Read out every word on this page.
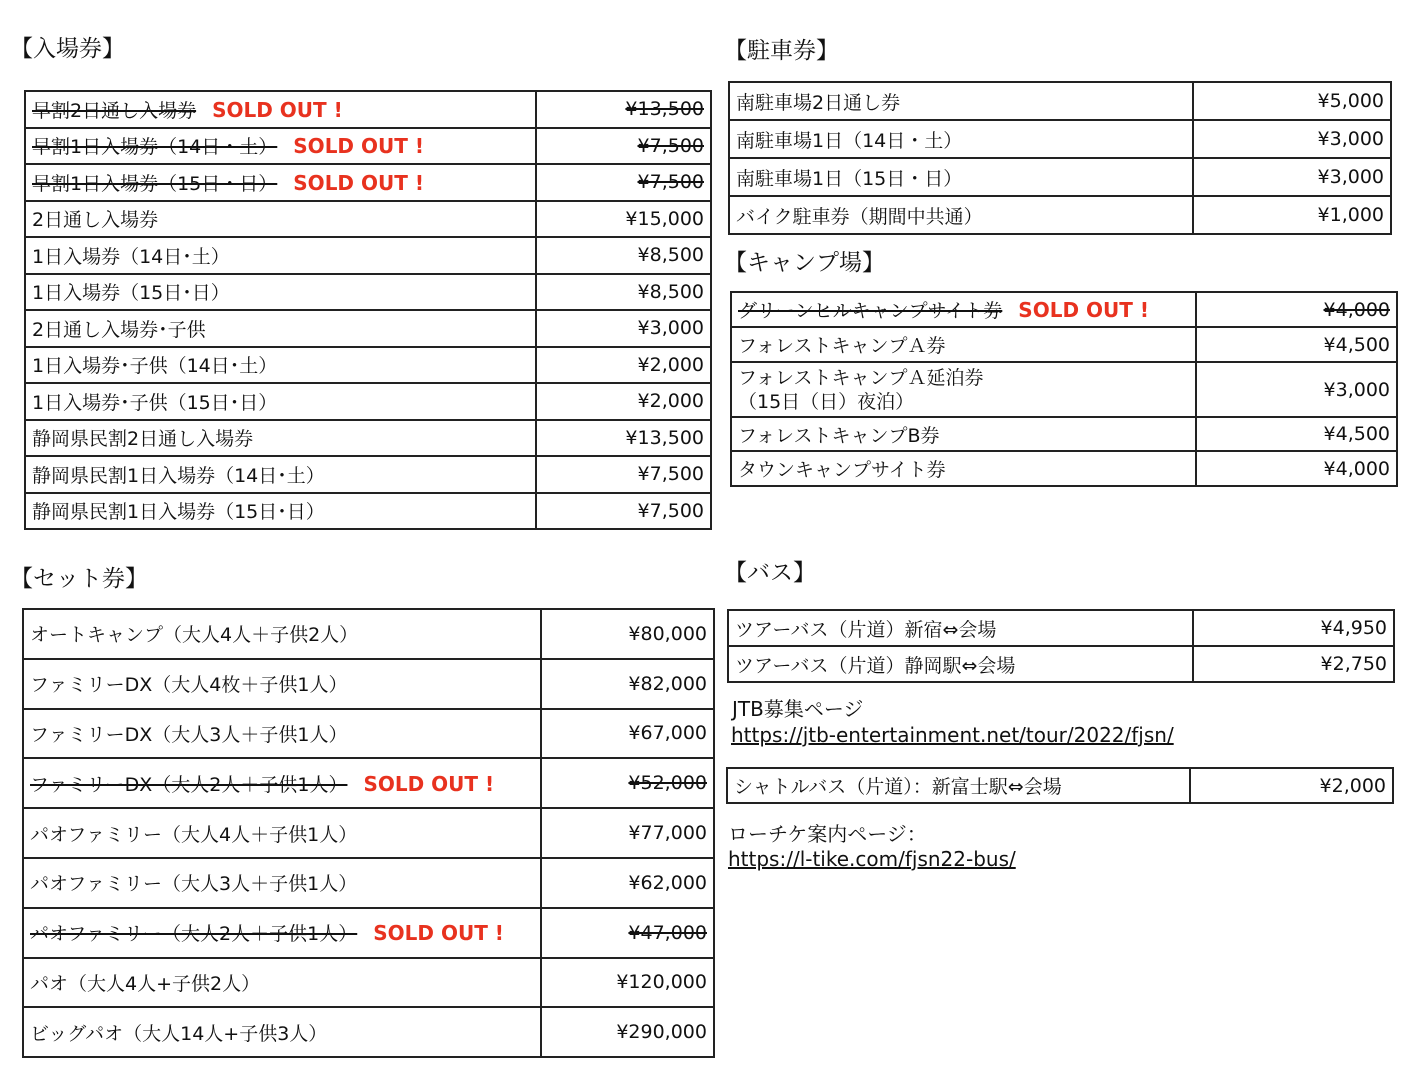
【入場券】
早割2日通し入場券 SOLD OUT !	¥13,500
早割1日入場券（14日・土） SOLD OUT !	¥7,500
早割1日入場券（15日・日） SOLD OUT !	¥7,500
2日通し入場券	¥15,000
1日入場券（14日･土）	¥8,500
1日入場券（15日･日）	¥8,500
2日通し入場券･子供	¥3,000
1日入場券･子供（14日･土）	¥2,000
1日入場券･子供（15日･日）	¥2,000
静岡県民割2日通し入場券	¥13,500
静岡県民割1日入場券（14日･土）	¥7,500
静岡県民割1日入場券（15日･日）	¥7,500
【駐車券】
南駐車場2日通し券	¥5,000
南駐車場1日（14日・土）	¥3,000
南駐車場1日（15日・日）	¥3,000
バイク駐車券（期間中共通）	¥1,000
【キャンプ場】
グリーンヒルキャンプサイト券 SOLD OUT !	¥4,000
フォレストキャンプＡ券	¥4,500
フォレストキャンプＡ延泊券
（15日（日）夜泊）	¥3,000
フォレストキャンプB券	¥4,500
タウンキャンプサイト券	¥4,000
【セット券】
オートキャンプ（大人4人＋子供2人）	¥80,000
ファミリーDX（大人4枚＋子供1人）	¥82,000
ファミリーDX（大人3人＋子供1人）	¥67,000
ファミリーDX（大人2人＋子供1人） SOLD OUT !	¥52,000
パオファミリー（大人4人＋子供1人）	¥77,000
パオファミリー（大人3人＋子供1人）	¥62,000
パオファミリー（大人2人＋子供1人） SOLD OUT !	¥47,000
パオ（大人4人+子供2人）	¥120,000
ビッグパオ（大人14人+子供3人）	¥290,000
【バス】
ツアーバス（片道）新宿⇔会場	¥4,950
ツアーバス（片道）静岡駅⇔会場	¥2,750
JTB募集ページ
https://jtb-entertainment.net/tour/2022/fjsn/
シャトルバス（片道）：新富士駅⇔会場	¥2,000
ローチケ案内ページ：
https://l-tike.com/fjsn22-bus/
